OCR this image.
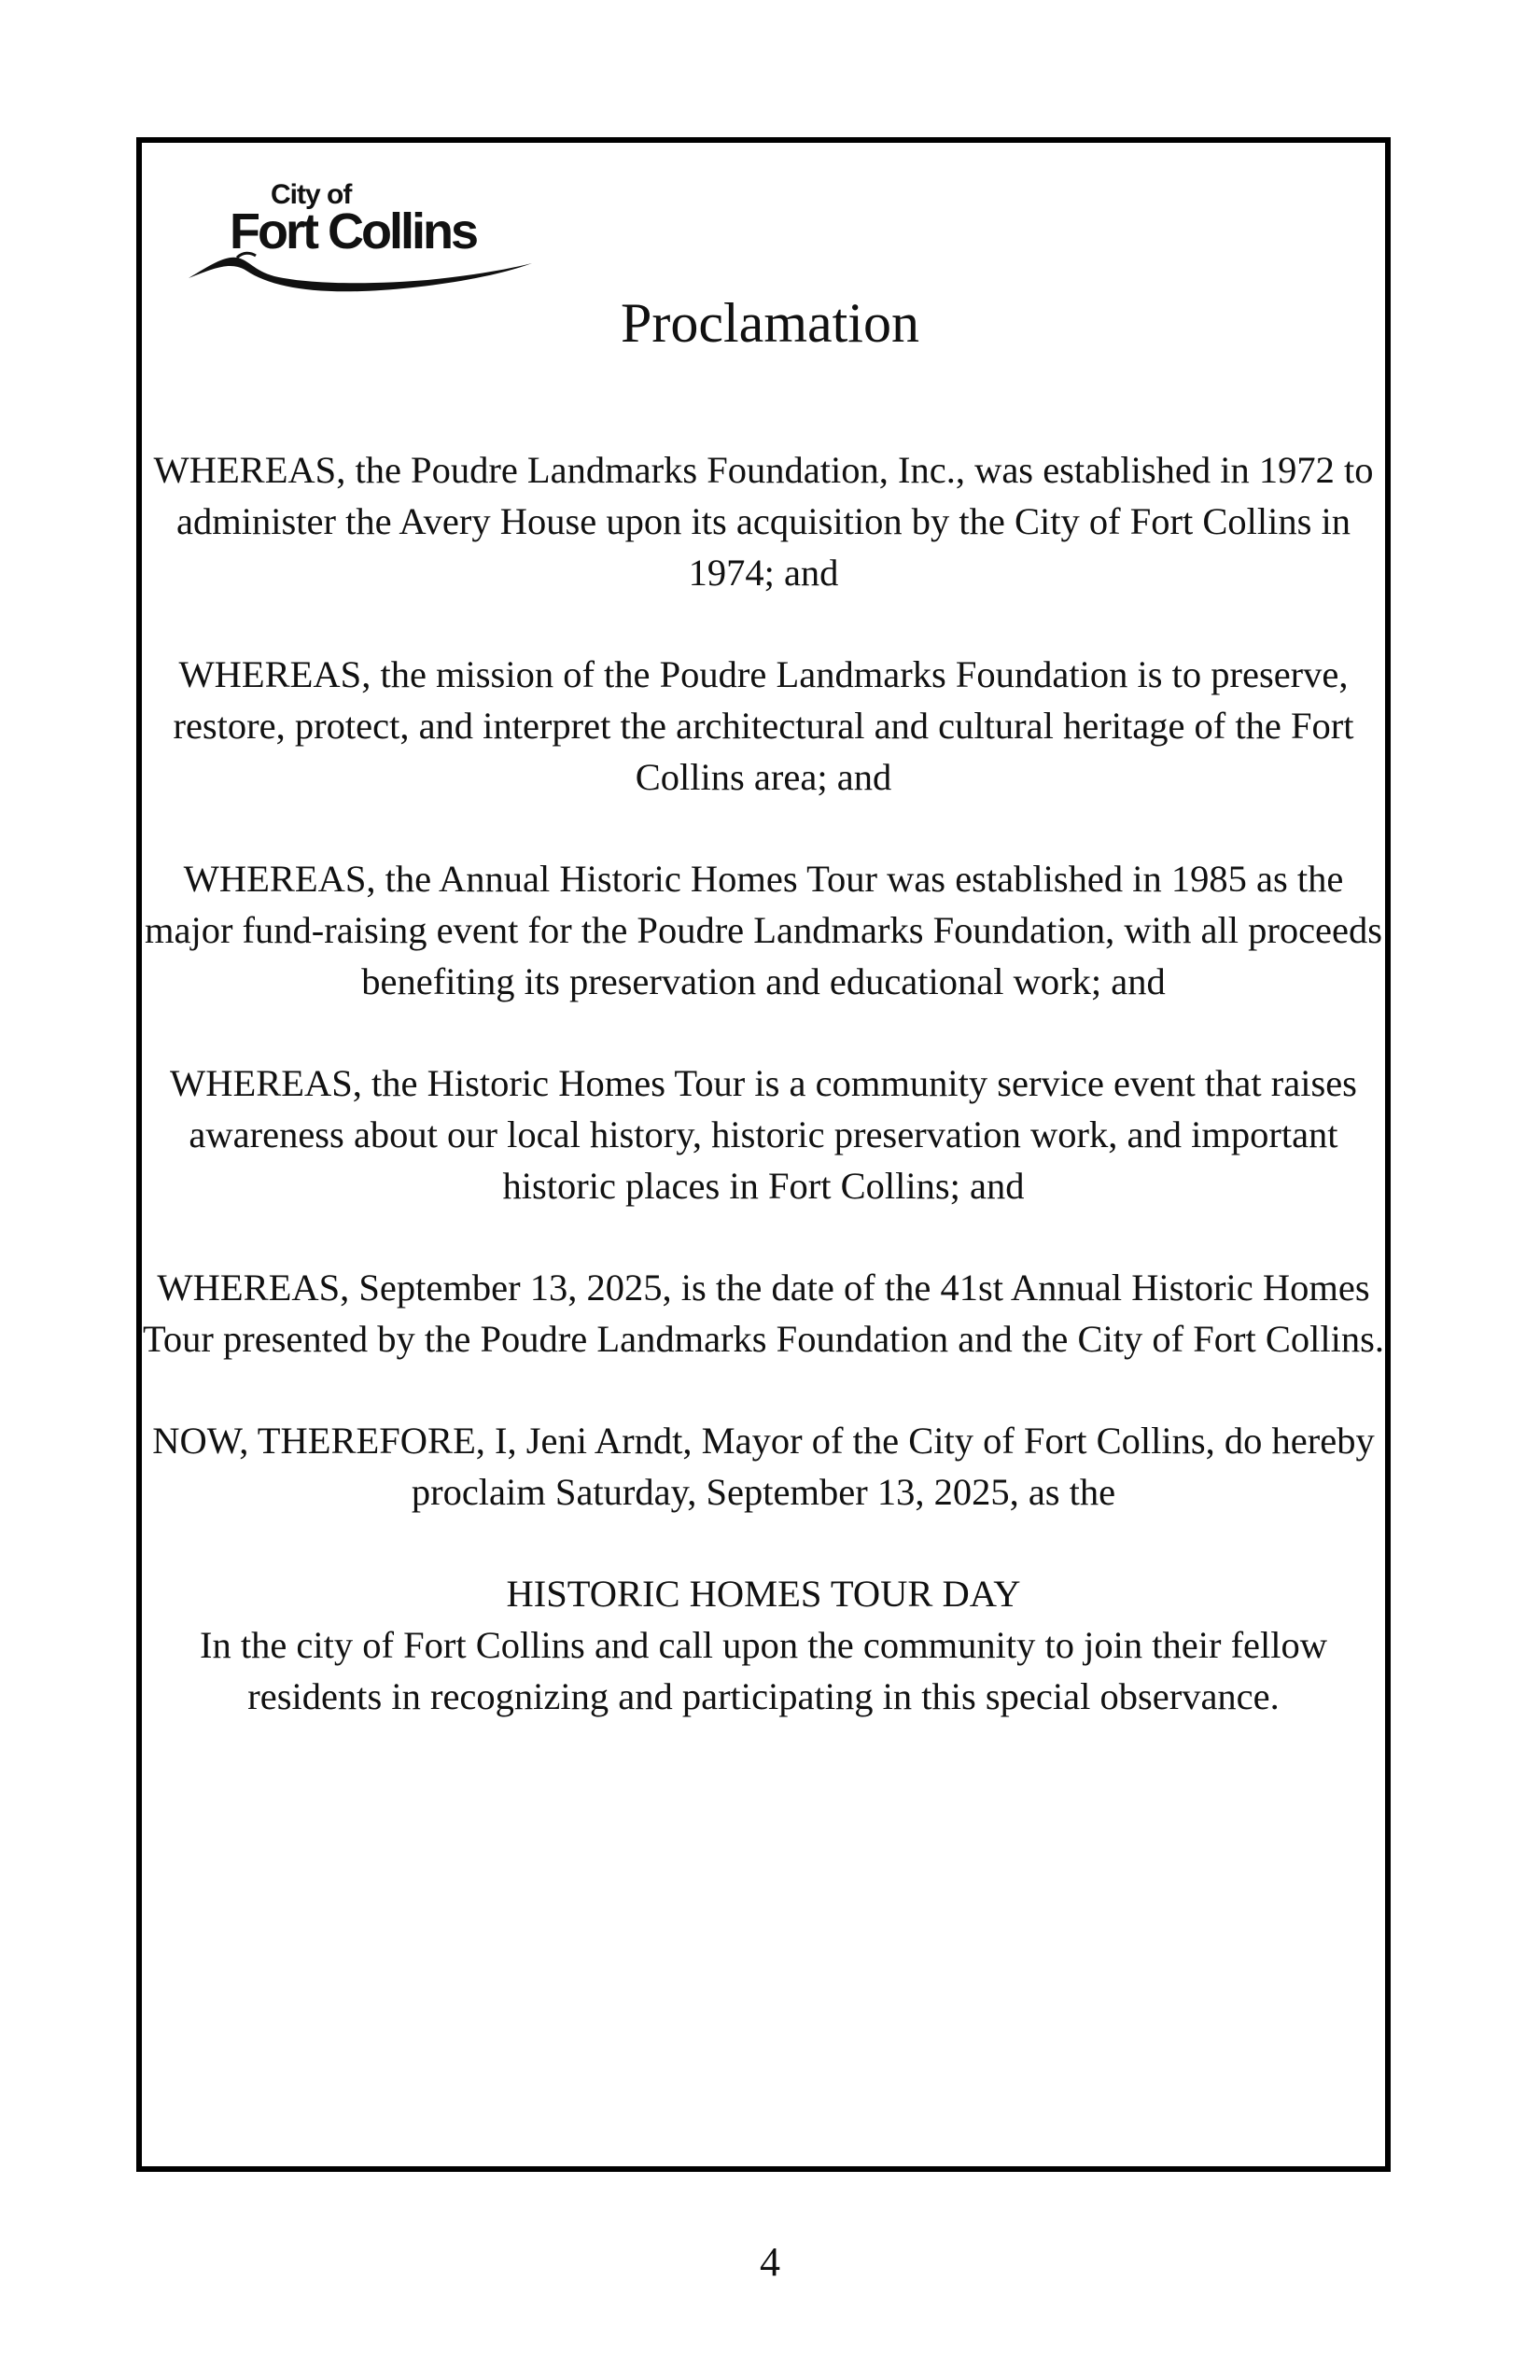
City of
Fort Collins
Proclamation

WHEREAS, the Poudre Landmarks Foundation, Inc., was established in 1972 to administer the Avery House upon its acquisition by the City of Fort Collins in 1974; and

WHEREAS, the mission of the Poudre Landmarks Foundation is to preserve, restore, protect, and interpret the architectural and cultural heritage of the Fort Collins area; and

WHEREAS, the Annual Historic Homes Tour was established in 1985 as the major fund-raising event for the Poudre Landmarks Foundation, with all proceeds benefiting its preservation and educational work; and

WHEREAS, the Historic Homes Tour is a community service event that raises awareness about our local history, historic preservation work, and important historic places in Fort Collins; and

WHEREAS, September 13, 2025, is the date of the 41st Annual Historic Homes Tour presented by the Poudre Landmarks Foundation and the City of Fort Collins.

NOW, THEREFORE, I, Jeni Arndt, Mayor of the City of Fort Collins, do hereby proclaim Saturday, September 13, 2025, as the

HISTORIC HOMES TOUR DAY

In the city of Fort Collins and call upon the community to join their fellow residents in recognizing and participating in this special observance.

4
